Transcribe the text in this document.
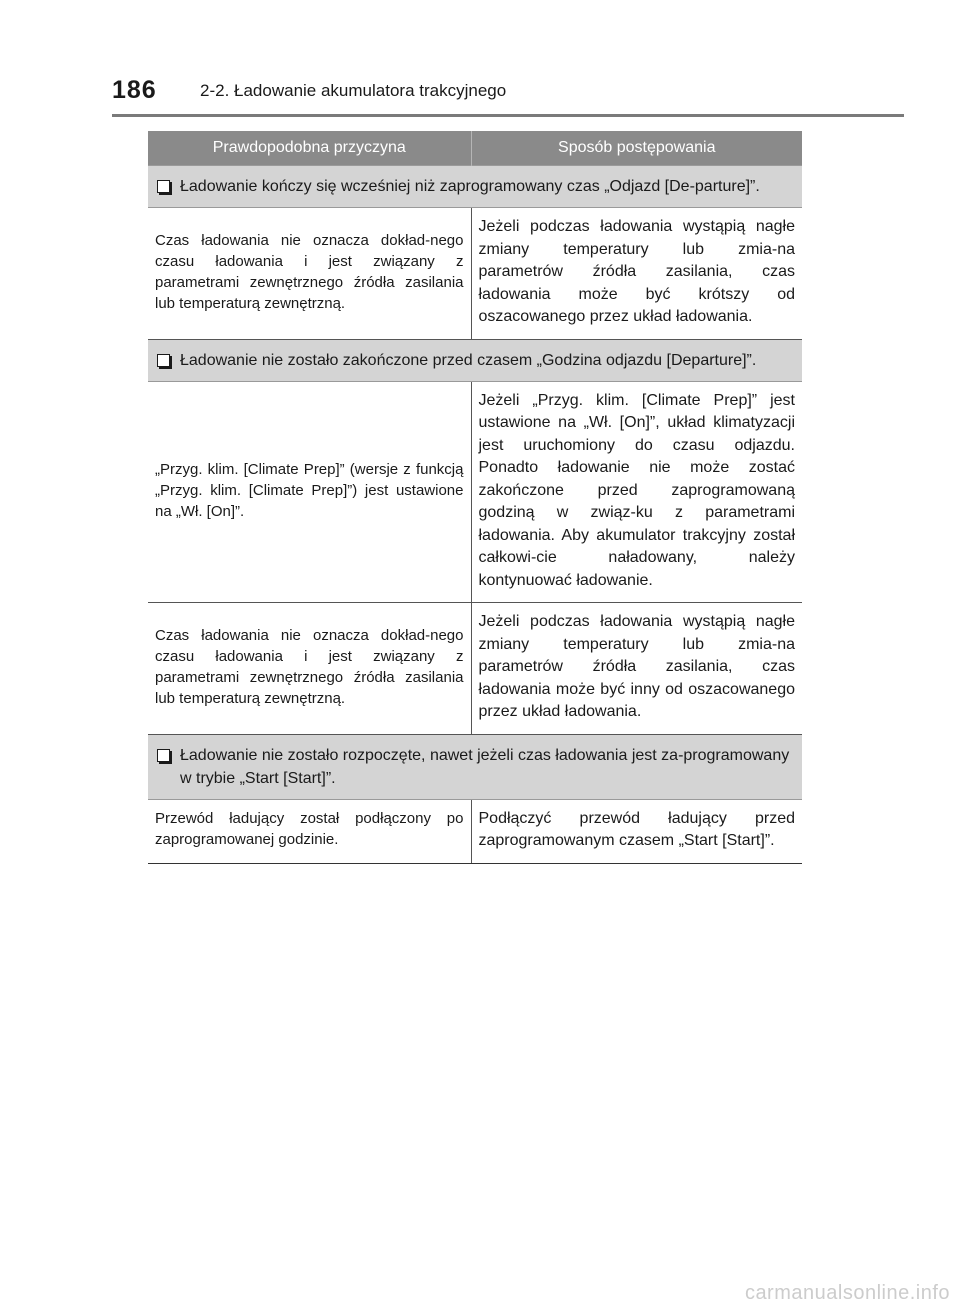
186	2-2. Ładowanie akumulatora trakcyjnego
Prawdopodobna przyczyna	Sposób postępowania

Ładowanie kończy się wcześniej niż zaprogramowany czas „Odjazd [De-parture]”.	

Czas ładowania nie oznacza dokład-nego czasu ładowania i jest związany z parametrami zewnętrznego źródła zasilania lub temperaturą zewnętrzną.	Jeżeli podczas ładowania wystąpią nagłe zmiany temperatury lub zmia-na parametrów źródła zasilania, czas ładowania może być krótszy od oszacowanego przez układ ładowania.

Ładowanie nie zostało zakończone przed czasem „Godzina odjazdu [Departure]”.	

„Przyg. klim. [Climate Prep]” (wersje z funkcją „Przyg. klim. [Climate Prep]”) jest ustawione na „Wł. [On]”.	Jeżeli „Przyg. klim. [Climate Prep]” jest ustawione na „Wł. [On]”, układ klimatyzacji jest uruchomiony do czasu odjazdu. Ponadto ładowanie nie może zostać zakończone przed zaprogramowaną godziną w związ-ku z parametrami ładowania. Aby akumulator trakcyjny został całkowi-cie naładowany, należy kontynuować ładowanie.
Czas ładowania nie oznacza dokład-nego czasu ładowania i jest związany z parametrami zewnętrznego źródła zasilania lub temperaturą zewnętrzną.	Jeżeli podczas ładowania wystąpią nagłe zmiany temperatury lub zmia-na parametrów źródła zasilania, czas ładowania może być inny od oszacowanego przez układ ładowania.

Ładowanie nie zostało rozpoczęte, nawet jeżeli czas ładowania jest za-programowany w trybie „Start [Start]”.	

Przewód ładujący został podłączony po zaprogramowanej godzinie.	Podłączyć przewód ładujący przed zaprogramowanym czasem „Start [Start]”.
carmanualsonline.info
